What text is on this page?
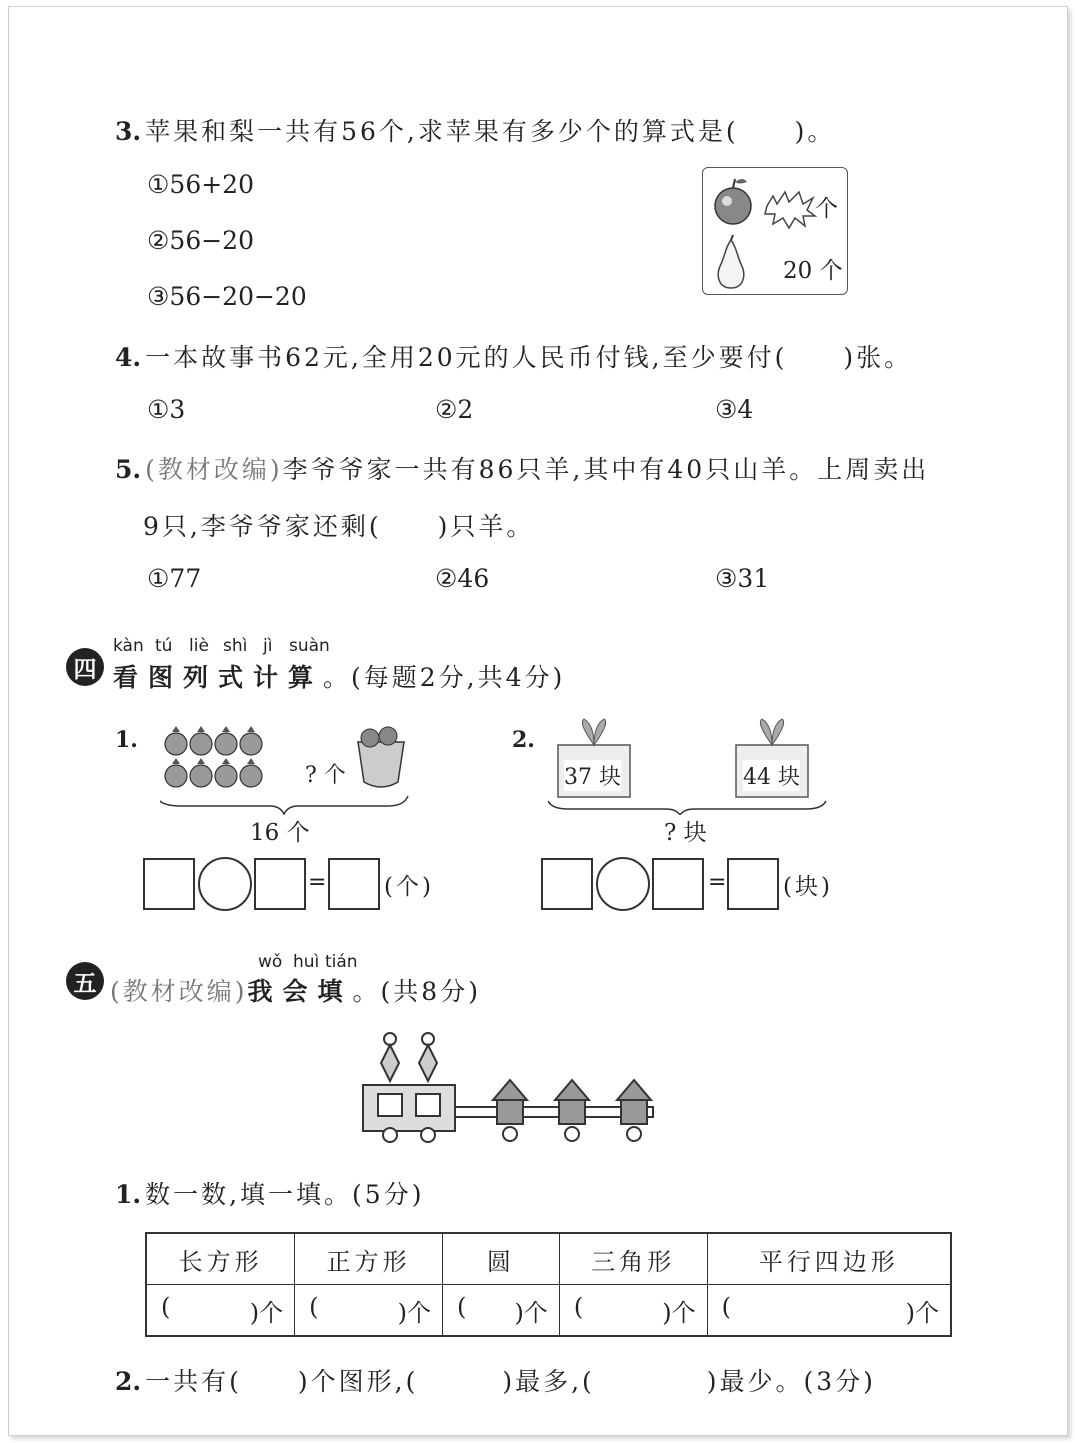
3. 苹果和梨一共有56个,求苹果有多少个的算式是(　　)。
①56+20
②56−20
③56−20−20
个
20 个
4. 一本故事书62元,全用20元的人民币付钱,至少要付(　　)张。
①3	②2	③4
5. (教材改编)李爷爷家一共有86只羊,其中有40只山羊。上周卖出
9只,李爷爷家还剩(　　)只羊。
①77	②46	③31
四
kàn tú liè shì jì suàn
看图列式计算。(每题2分,共4分)
1.
? 个
16 个
=	(个)
2.
37 块	44 块
? 块
= (块)
五
wǒ huì tián
(教材改编)我会填。(共8分)
1. 数一数,填一填。(5分)
长方形	正方形	圆	三角形	平行四边形
( )个	( )个	( )个	( )个	( )个
2. 一共有(　　)个图形,(　　　)最多,(　　　　)最少。(3分)
